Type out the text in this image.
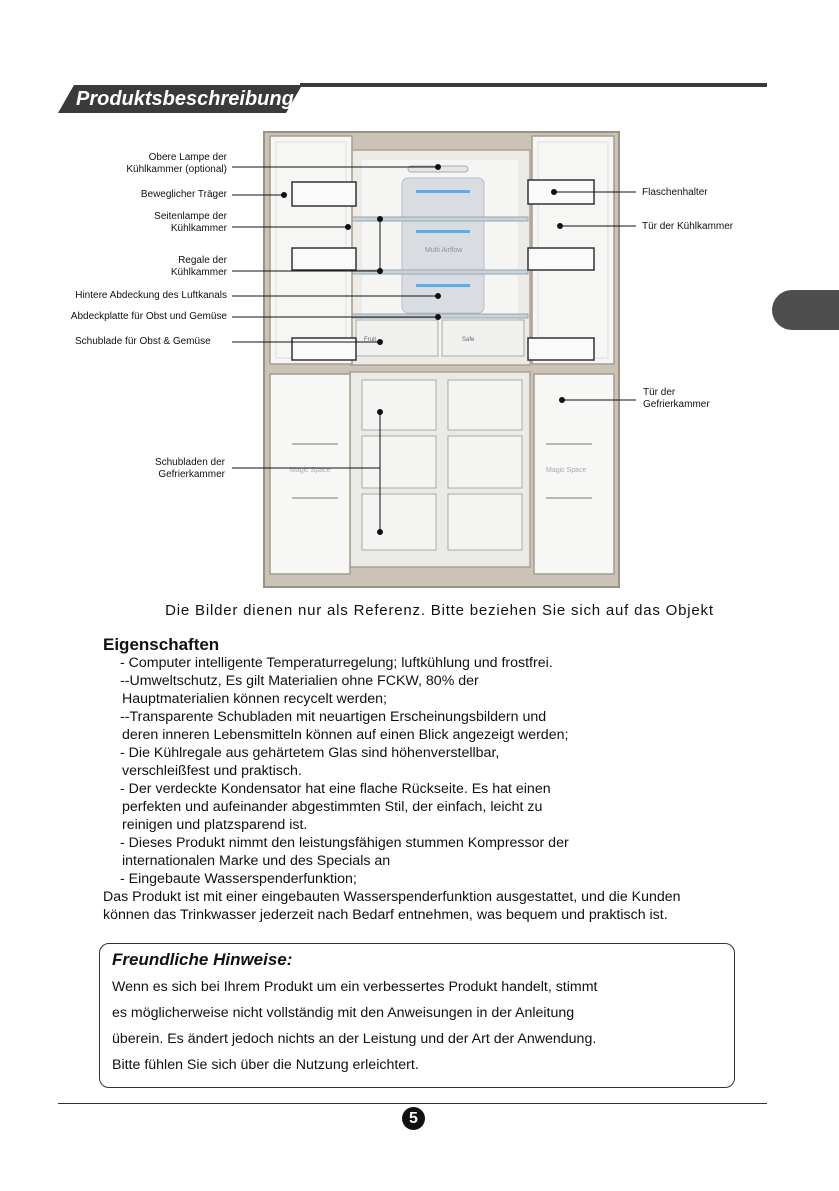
Produktsbeschreibung
Multi Airflow
Fruit	Safe
Magic Space	Magic Space
Obere Lampe der
Kühlkammer (optional)
Beweglicher Träger
Seitenlampe der
Kühlkammer
Regale der
Kühlkammer
Hintere Abdeckung des Luftkanals
Abdeckplatte für Obst und Gemüse
Schublade für Obst & Gemüse
Schubladen der
Gefrierkammer
Flaschenhalter
Tür der Kühlkammer
Tür der
Gefrierkammer
Die Bilder dienen nur als Referenz. Bitte beziehen Sie sich auf das Objekt
Eigenschaften
- Computer intelligente Temperaturregelung; luftkühlung und frostfrei.
--Umweltschutz, Es gilt Materialien ohne FCKW, 80% der
Hauptmaterialien können recycelt werden;
--Transparente Schubladen mit neuartigen Erscheinungsbildern und
deren inneren Lebensmitteln können auf einen Blick angezeigt werden;
- Die Kühlregale aus gehärtetem Glas sind höhenverstellbar,
verschleißfest und praktisch.
- Der verdeckte Kondensator hat eine flache Rückseite. Es hat einen
perfekten und aufeinander abgestimmten Stil, der einfach, leicht zu
reinigen und platzsparend ist.
- Dieses Produkt nimmt den leistungsfähigen stummen Kompressor der
internationalen Marke und des Specials an
- Eingebaute Wasserspenderfunktion;
Das Produkt ist mit einer eingebauten Wasserspenderfunktion ausgestattet, und die Kunden
können das Trinkwasser jederzeit nach Bedarf entnehmen, was bequem und praktisch ist.
Freundliche Hinweise:
Wenn es sich bei Ihrem Produkt um ein verbessertes Produkt handelt, stimmt
es möglicherweise nicht vollständig mit den Anweisungen in der Anleitung
überein. Es ändert jedoch nichts an der Leistung und der Art der Anwendung.
Bitte fühlen Sie sich über die Nutzung erleichtert.
5
